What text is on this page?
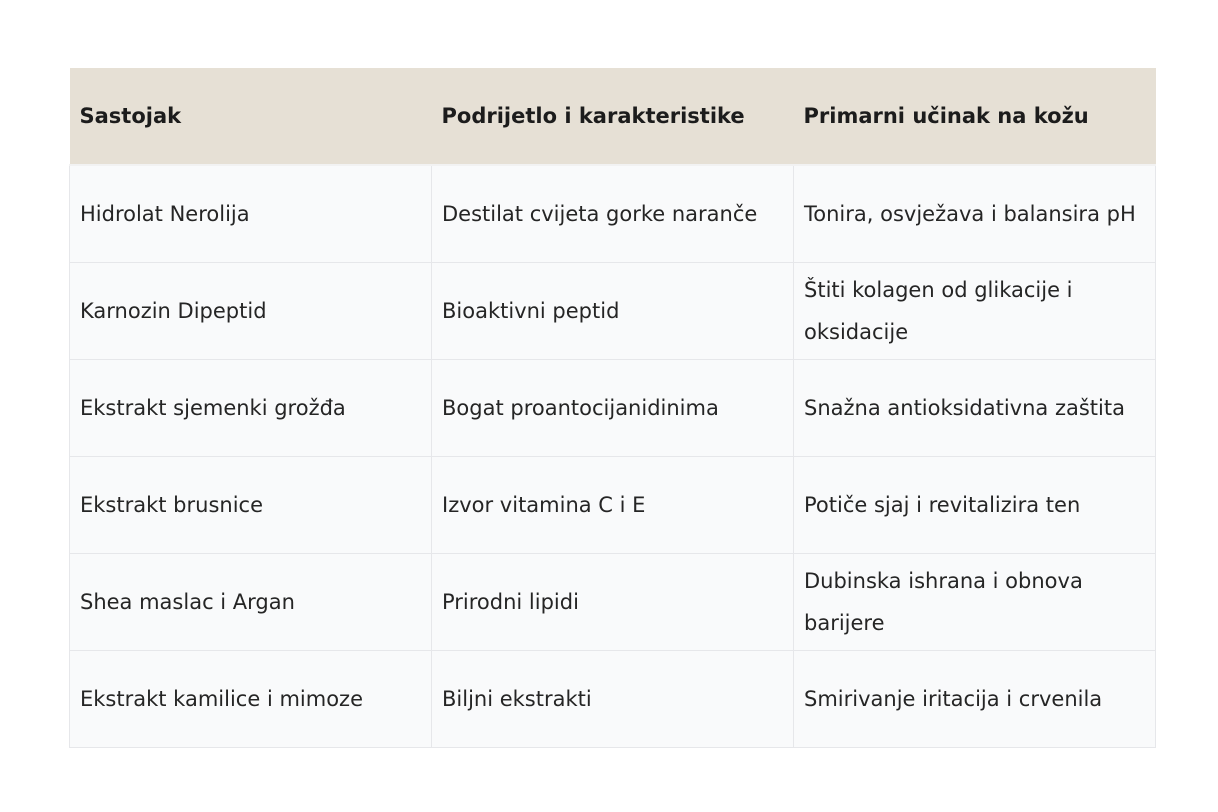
Sastojak	Podrijetlo i karakteristike	Primarni učinak na kožu
Hidrolat Nerolija	Destilat cvijeta gorke naranče	Tonira, osvježava i balansira pH
Karnozin Dipeptid	Bioaktivni peptid	Štiti kolagen od glikacije i oksidacije
Ekstrakt sjemenki grožđa	Bogat proantocijanidinima	Snažna antioksidativna zaštita
Ekstrakt brusnice	Izvor vitamina C i E	Potiče sjaj i revitalizira ten
Shea maslac i Argan	Prirodni lipidi	Dubinska ishrana i obnova barijere
Ekstrakt kamilice i mimoze	Biljni ekstrakti	Smirivanje iritacija i crvenila
